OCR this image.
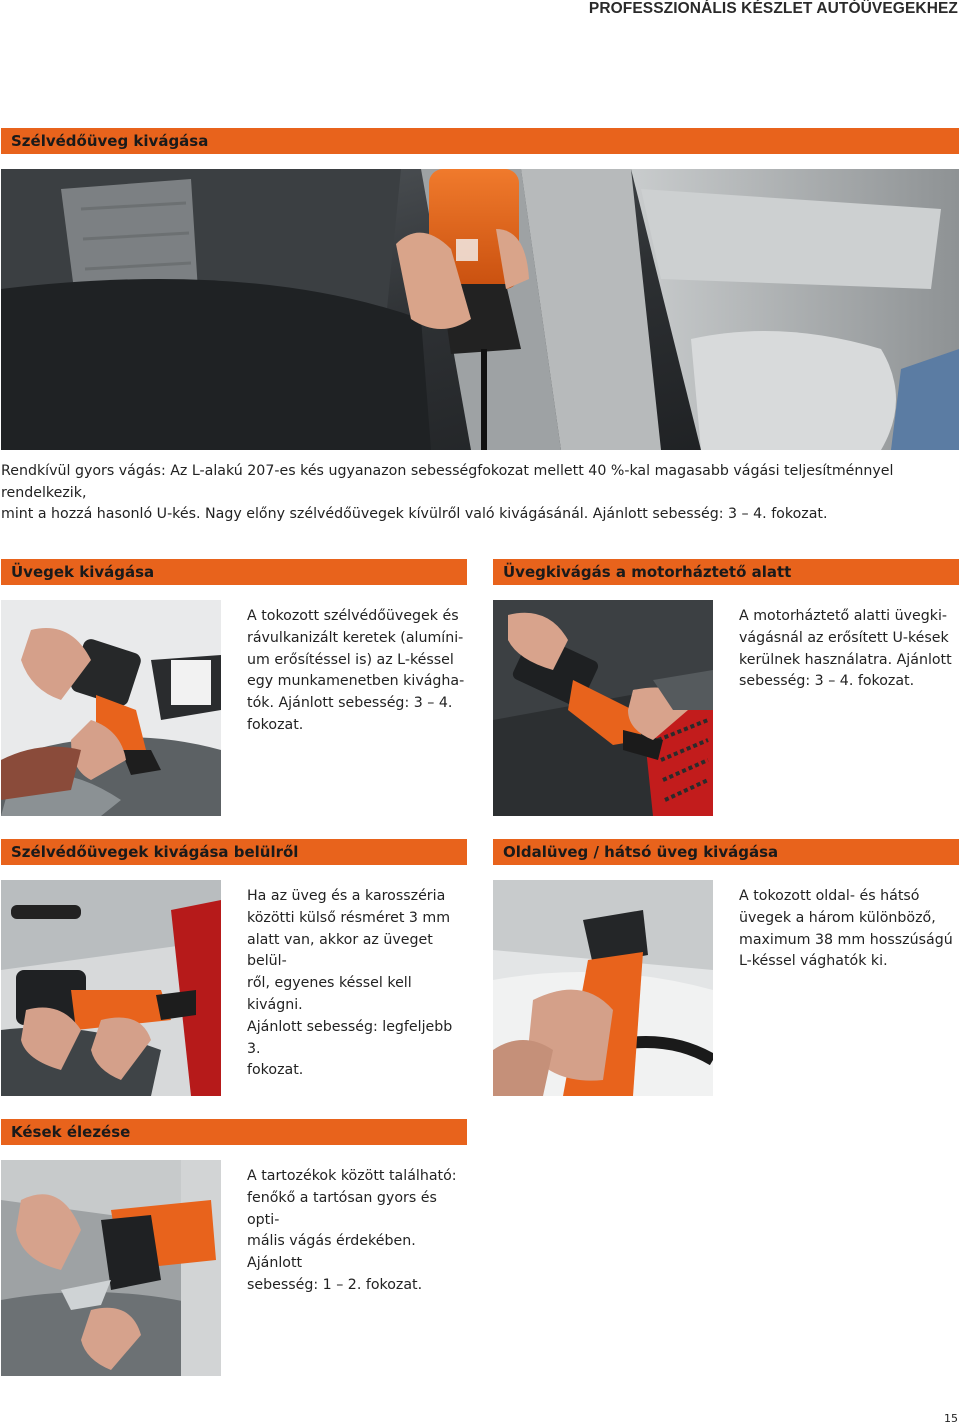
PROFESSZIONÁLIS KÉSZLET AUTÓÜVEGEKHEZ
Szélvédőüveg kivágása

Rendkívül gyors vágás: Az L-alakú 207-es kés ugyanazon sebességfokozat mellett 40 %-kal magasabb vágási teljesítménnyel rendelkezik,
mint a hozzá hasonló U-kés. Nagy előny szélvédőüvegek kívülről való kivágásánál. Ajánlott sebesség: 3 – 4. fokozat.

Üvegek kivágása

A tokozott szélvédőüvegek és
rávulkanizált keretek (alumíni-
um erősítéssel is) az L-késsel
egy munkamenetben kivágha-
tók. Ajánlott sebesség: 3 – 4.
fokozat.

Üvegkivágás a motorháztető alatt

A motorháztető alatti üvegki-
vágásnál az erősített U-kések
kerülnek használatra. Ajánlott
sebesség: 3 – 4. fokozat.

Szélvédőüvegek kivágása belülről

Ha az üveg és a karosszéria
közötti külső résméret 3 mm
alatt van, akkor az üveget belül-
ről, egyenes késsel kell kivágni.
Ajánlott sebesség: legfeljebb 3.
fokozat.

Oldalüveg / hátsó üveg kivágása

A tokozott oldal- és hátsó
üvegek a három különböző,
maximum 38 mm hosszúságú
L-késsel vághatók ki.

Kések élezése

A tartozékok között található:
fenőkő a tartósan gyors és opti-
mális vágás érdekében. Ajánlott
sebesség: 1 – 2. fokozat.

15
